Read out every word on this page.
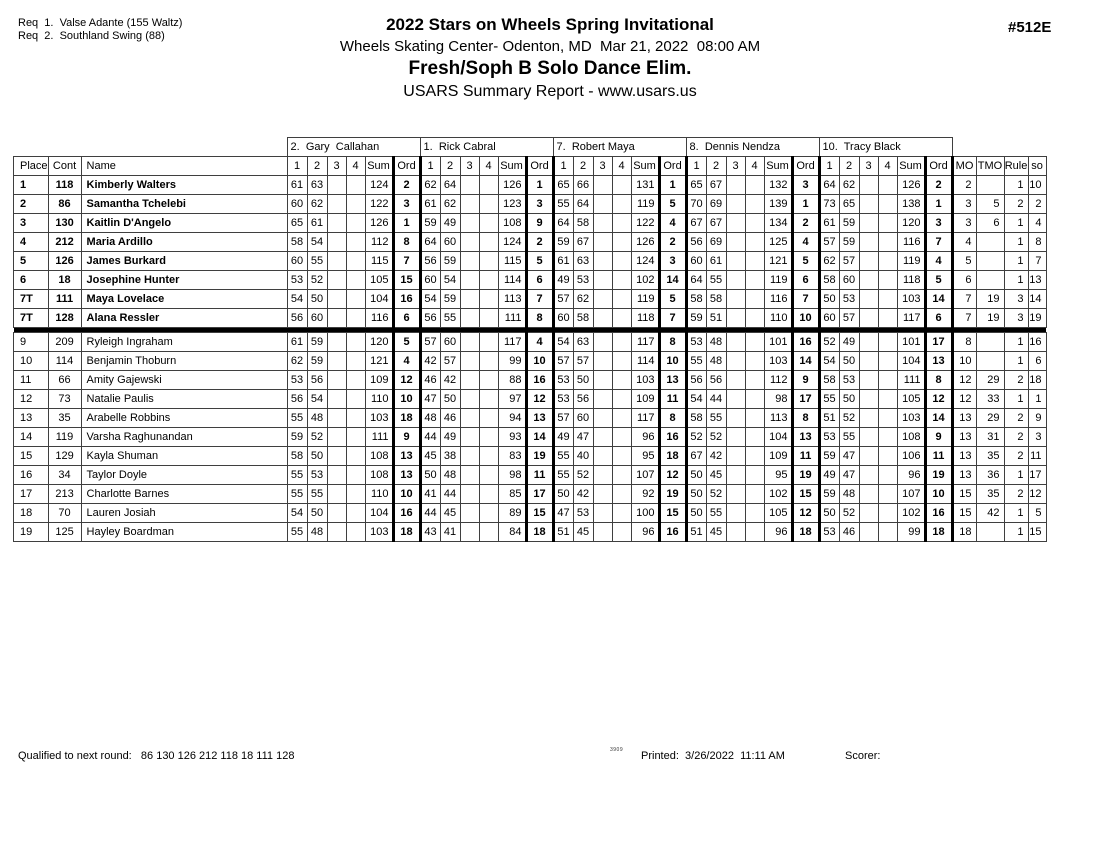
Req  1.  Valse Adante (155 Waltz)
Req  2.  Southland Swing (88)
2022 Stars on Wheels Spring Invitational
Wheels Skating Center- Odenton, MD  Mar 21, 2022  08:00 AM
Fresh/Soph B Solo Dance Elim.
USARS Summary Report - www.usars.us
#512E
			2.  Gary  Callahan						1.  Rick Cabral						7.  Robert Maya						8.  Dennis Nendza						10.  Tracy Black									
Place	Cont	Name	1	2	3	4	Sum	Ord	1	2	3	4	Sum	Ord	1	2	3	4	Sum	Ord	1	2	3	4	Sum	Ord	1	2	3	4	Sum	Ord	MO	TMO	Rule	so
1	118	Kimberly Walters	61	63			124	2	62	64			126	1	65	66			131	1	65	67			132	3	64	62			126	2	2		1	10
2	86	Samantha Tchelebi	60	62			122	3	61	62			123	3	55	64			119	5	70	69			139	1	73	65			138	1	3	5	2	2
3	130	Kaitlin D'Angelo	65	61			126	1	59	49			108	9	64	58			122	4	67	67			134	2	61	59			120	3	3	6	1	4
4	212	Maria Ardillo	58	54			112	8	64	60			124	2	59	67			126	2	56	69			125	4	57	59			116	7	4		1	8
5	126	James Burkard	60	55			115	7	56	59			115	5	61	63			124	3	60	61			121	5	62	57			119	4	5		1	7
6	18	Josephine Hunter	53	52			105	15	60	54			114	6	49	53			102	14	64	55			119	6	58	60			118	5	6		1	13
7T	111	Maya Lovelace	54	50			104	16	54	59			113	7	57	62			119	5	58	58			116	7	50	53			103	14	7	19	3	14
7T	128	Alana Ressler	56	60			116	6	56	55			111	8	60	58			118	7	59	51			110	10	60	57			117	6	7	19	3	19

9	209	Ryleigh Ingraham	61	59			120	5	57	60			117	4	54	63			117	8	53	48			101	16	52	49			101	17	8		1	16
10	114	Benjamin Thoburn	62	59			121	4	42	57			99	10	57	57			114	10	55	48			103	14	54	50			104	13	10		1	6
11	66	Amity Gajewski	53	56			109	12	46	42			88	16	53	50			103	13	56	56			112	9	58	53			111	8	12	29	2	18
12	73	Natalie Paulis	56	54			110	10	47	50			97	12	53	56			109	11	54	44			98	17	55	50			105	12	12	33	1	1
13	35	Arabelle Robbins	55	48			103	18	48	46			94	13	57	60			117	8	58	55			113	8	51	52			103	14	13	29	2	9
14	119	Varsha Raghunandan	59	52			111	9	44	49			93	14	49	47			96	16	52	52			104	13	53	55			108	9	13	31	2	3
15	129	Kayla Shuman	58	50			108	13	45	38			83	19	55	40			95	18	67	42			109	11	59	47			106	11	13	35	2	11
16	34	Taylor Doyle	55	53			108	13	50	48			98	11	55	52			107	12	50	45			95	19	49	47			96	19	13	36	1	17
17	213	Charlotte Barnes	55	55			110	10	41	44			85	17	50	42			92	19	50	52			102	15	59	48			107	10	15	35	2	12
18	70	Lauren Josiah	54	50			104	16	44	45			89	15	47	53			100	15	50	55			105	12	50	52			102	16	15	42	1	5
19	125	Hayley Boardman	55	48			103	18	43	41			84	18	51	45			96	16	51	45			96	18	53	46			99	18	18		1	15
Qualified to next round:   86 130 126 212 118 18 111 128	3909 Printed:  3/26/2022  11:11 AM	Scorer:
